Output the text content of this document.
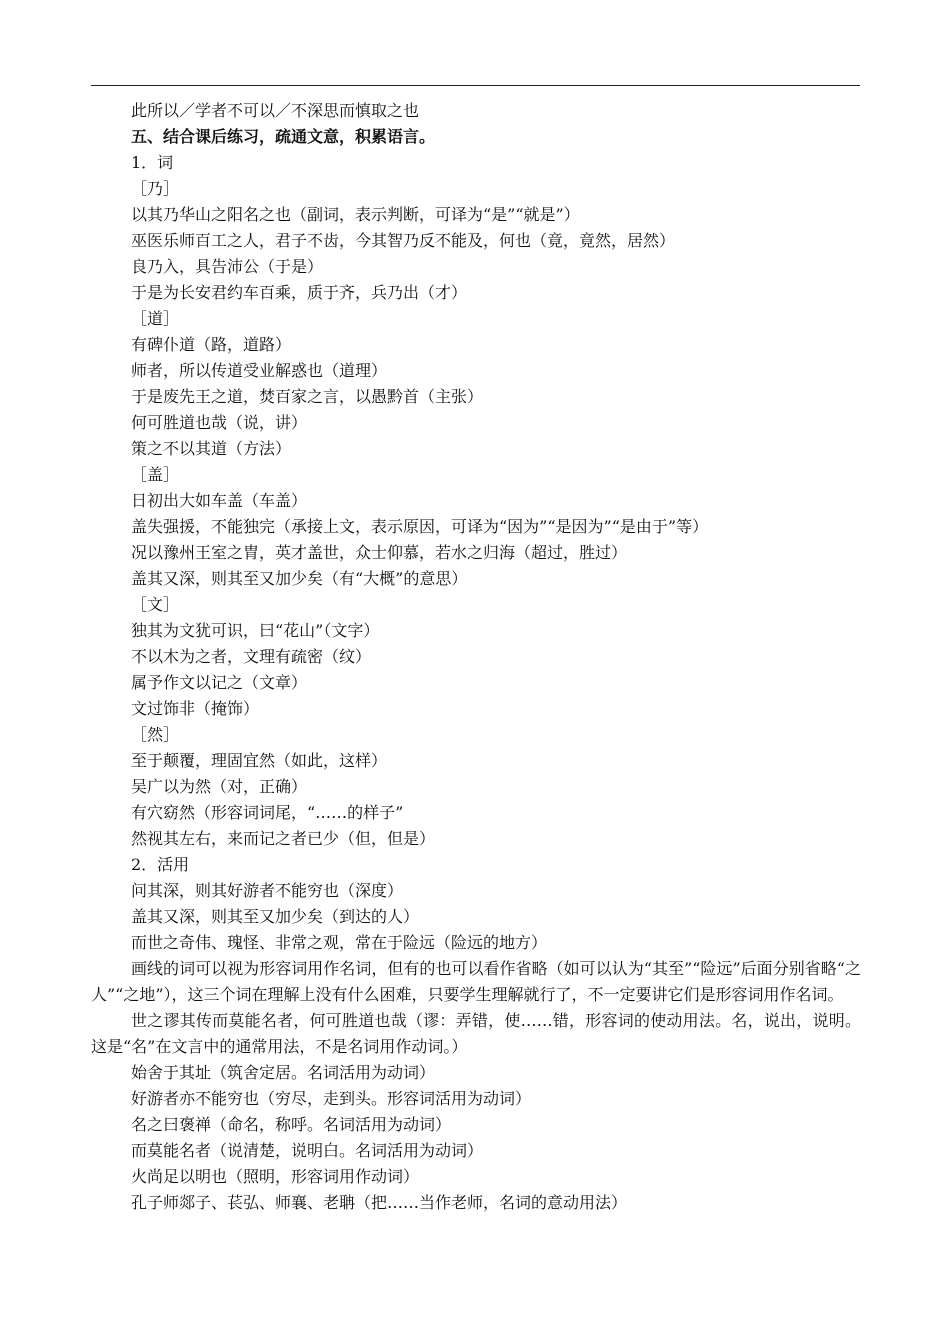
此所以／学者不可以／不深思而慎取之也
五、结合课后练习，疏通文意，积累语言。
1．词
［乃］
以其乃华山之阳名之也（副词，表示判断，可译为“是”“就是”）
巫医乐师百工之人，君子不齿，今其智乃反不能及，何也（竟，竟然，居然）
良乃入，具告沛公（于是）
于是为长安君约车百乘，质于齐，兵乃出（才）
［道］
有碑仆道（路，道路）
师者，所以传道受业解惑也（道理）
于是废先王之道，焚百家之言，以愚黔首（主张）
何可胜道也哉（说，讲）
策之不以其道（方法）
［盖］
日初出大如车盖（车盖）
盖失强援，不能独完（承接上文，表示原因，可译为“因为”“是因为”“是由于”等）
况以豫州王室之胄，英才盖世，众士仰慕，若水之归海（超过，胜过）
盖其又深，则其至又加少矣（有“大概”的意思）
［文］
独其为文犹可识，曰“花山”（文字）
不以木为之者，文理有疏密（纹）
属予作文以记之（文章）
文过饰非（掩饰）
［然］
至于颠覆，理固宜然（如此，这样）
吴广以为然（对，正确）
有穴窈然（形容词词尾，“……的样子”
然视其左右，来而记之者已少（但，但是）
2．活用
问其深，则其好游者不能穷也（深度）
盖其又深，则其至又加少矣（到达的人）
而世之奇伟、瑰怪、非常之观，常在于险远（险远的地方）
画线的词可以视为形容词用作名词，但有的也可以看作省略（如可以认为“其至”“险远”后面分别省略“之人”“之地”），这三个词在理解上没有什么困难，只要学生理解就行了，不一定要讲它们是形容词用作名词。
世之谬其传而莫能名者，何可胜道也哉（谬：弄错，使……错，形容词的使动用法。名，说出，说明。这是“名”在文言中的通常用法，不是名词用作动词。）
始舍于其址（筑舍定居。名词活用为动词）
好游者亦不能穷也（穷尽，走到头。形容词活用为动词）
名之曰褒禅（命名，称呼。名词活用为动词）
而莫能名者（说清楚，说明白。名词活用为动词）
火尚足以明也（照明，形容词用作动词）
孔子师郯子、苌弘、师襄、老聃（把……当作老师，名词的意动用法）
